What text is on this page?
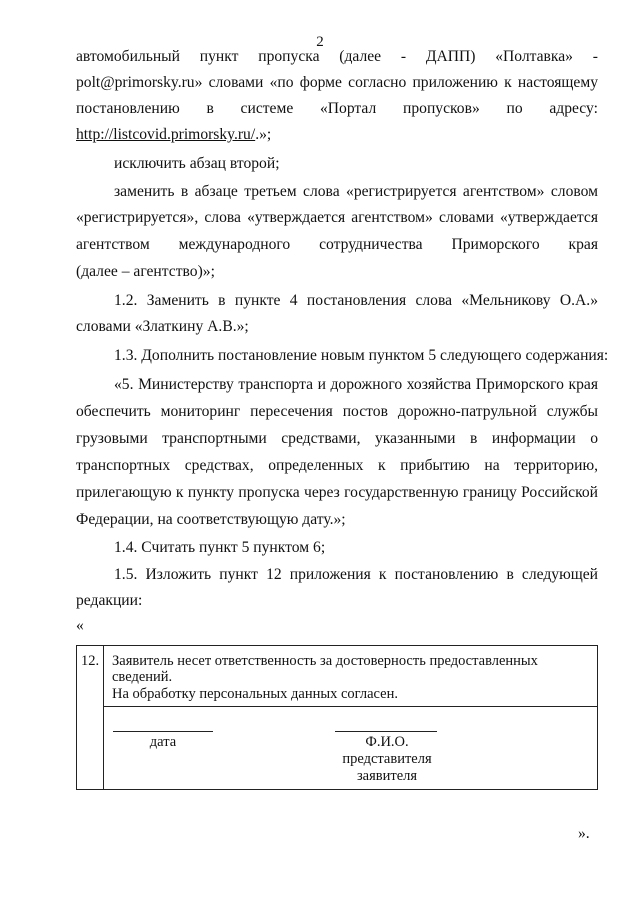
2
автомобильный пункт пропуска (далее - ДАПП) «Полтавка» -
polt@primorsky.ru» словами «по форме согласно приложению к настоящему
постановлению в системе «Портал пропусков» по адресу:
http://listcovid.primorsky.ru/.»;
исключить абзац второй;
заменить в абзаце третьем слова «регистрируется агентством» словом
«регистрируется», слова «утверждается агентством» словами «утверждается
агентством международного сотрудничества Приморского края
(далее – агентство)»;
1.2. Заменить в пункте 4 постановления слова «Мельникову О.А.»
словами «Златкину А.В.»;
1.3. Дополнить постановление новым пунктом 5 следующего содержания:
«5. Министерству транспорта и дорожного хозяйства Приморского края
обеспечить мониторинг пересечения постов дорожно-патрульной службы
грузовыми транспортными средствами, указанными в информации о
транспортных средствах, определенных к прибытию на территорию,
прилегающую к пункту пропуска через государственную границу Российской
Федерации, на соответствующую дату.»;
1.4. Считать пункт 5 пунктом 6;
1.5. Изложить пункт 12 приложения к постановлению в следующей
редакции:
«
12. Заявитель несет ответственность за достоверность предоставленных
сведений.
На обработку персональных данных согласен.
дата	Ф.И.О.
представителя
заявителя
».
